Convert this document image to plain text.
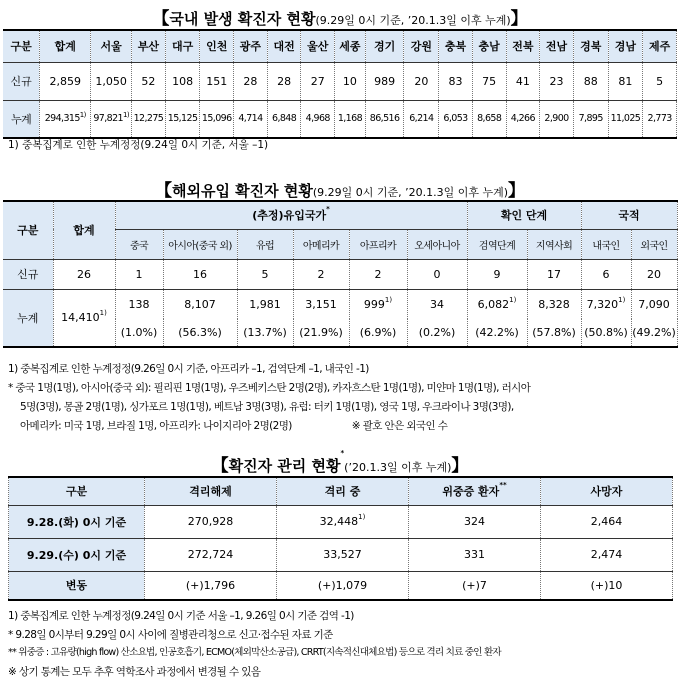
【국내 발생 확진자 현황(9.29일 0시 기준, ’20.1.3일 이후 누계)】
구분	합계	서울	부산	대구	인천	광주	대전	울산	세종	경기	강원	충북	충남	전북	전남	경북	경남	제주
신규	2,859	1,050	52	108	151	28	28	27	10	989	20	83	75	41	23	88	81	5
누계	294,315$^{1)}$	97,821$^{1)}$	12,275	15,125	15,096	4,714	6,848	4,968	1,168	86,516	6,214	6,053	8,658	4,266	2,900	7,895	11,025	2,773
1) 중복집계로 인한 누계정정(9.24일 0시 기준, 서울 –1)
【해외유입 확진자 현황(9.29일 0시 기준, ’20.1.3일 이후 누계)】
구분	합계	(추정)유입국가*						확인 단계		국적	
		중국	아시아(중국 외)	유럽	아메리카	아프리카	오세아니아	검역단계	지역사회	내국인	외국인
신규	26	1	16	5	2	2	0	9	17	6	20
누계	14,410$^{1)}$	138	8,107	1,981	3,151	999$^{1)}$	34	6,082$^{1)}$	8,328	7,320$^{1)}$	7,090
		(1.0%)	(56.3%)	(13.7%)	(21.9%)	(6.9%)	(0.2%)	(42.2%)	(57.8%)	(50.8%)	(49.2%)
1) 중복집계로 인한 누계정정(9.26일 0시 기준, 아프리카 –1, 검역단계 –1, 내국인 -1)
* 중국 1명(1명), 아시아(중국 외): 필리핀 1명(1명), 우즈베키스탄 2명(2명), 카자흐스탄 1명(1명), 미얀마 1명(1명), 러시아
5명(3명), 몽골 2명(1명), 싱가포르 1명(1명), 베트남 3명(3명), 유럽: 터키 1명(1명), 영국 1명, 우크라이나 3명(3명),
아메리카: 미국 1명, 브라질 1명, 아프리카: 나이지리아 2명(2명)	※ 괄호 안은 외국인 수
【확진자 관리 현황*(’20.1.3일 이후 누계)】
구분	격리해제	격리 중	위중증 환자**	사망자
9.28.(화) 0시 기준	270,928	32,448$^{1)}$	324	2,464
9.29.(수) 0시 기준	272,724	33,527	331	2,474
변동	(+)1,796	(+)1,079	(+)7	(+)10
1) 중복집계로 인한 누계정정(9.24일 0시 기준 서울 –1, 9.26일 0시 기준 검역 -1)
* 9.28일 0시부터 9.29일 0시 사이에 질병관리청으로 신고·접수된 자료 기준
** 위중증 : 고유량(high flow) 산소요법, 인공호흡기, ECMO(체외막산소공급), CRRT(지속적신대체요법) 등으로 격리 치료 중인 환자
※ 상기 통계는 모두 추후 역학조사 과정에서 변경될 수 있음
